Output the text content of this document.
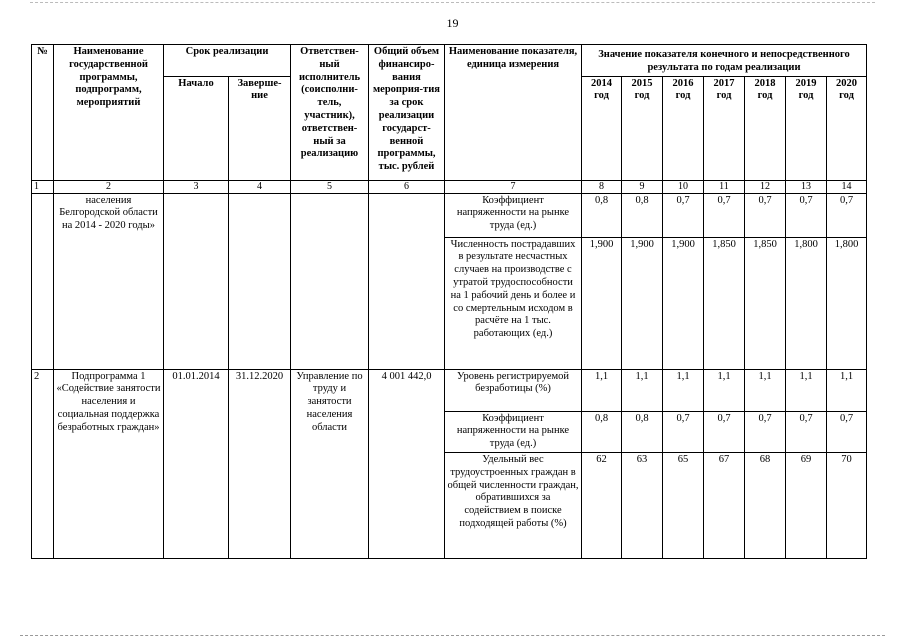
19
№	Наименование государственной программы, подпрограмм, мероприятий	Срок реализации		Ответствен-ный исполнитель (соисполни-тель, участник), ответствен-ный за реализацию	Общий объем финансиро-вания мероприя-тия за срок реализации государст-венной программы, тыс. рублей	Наименование показателя, единица измерения	Значение показателя конечного и непосредственного результата по годам реализации						
		Начало	Заверше-ние				2014 год	2015 год	2016 год	2017 год	2018 год	2019 год	2020 год
1	2	3	4	5	6	7	8	9	10	11	12	13	14
	населения Белгородской области на 2014 - 2020 годы»					Коэффициент напряженности на рынке труда (ед.)	0,8	0,8	0,7	0,7	0,7	0,7	0,7
						Численность пострадавших в результате несчастных случаев на производстве с утратой трудоспособности на 1 рабочий день и более и со смертельным исходом в расчёте на 1 тыс. работающих (ед.)	1,900	1,900	1,900	1,850	1,850	1,800	1,800
2	Подпрограмма 1 «Содействие занятости населения и социальная поддержка безработных граждан»	01.01.2014	31.12.2020	Управление по труду и занятости населения области	4 001 442,0	Уровень регистрируемой безработицы (%)	1,1	1,1	1,1	1,1	1,1	1,1	1,1
						Коэффициент напряженности на рынке труда (ед.)	0,8	0,8	0,7	0,7	0,7	0,7	0,7
						Удельный вес трудоустроенных граждан в общей численности граждан, обратившихся за содействием в поиске подходящей работы (%)	62	63	65	67	68	69	70
